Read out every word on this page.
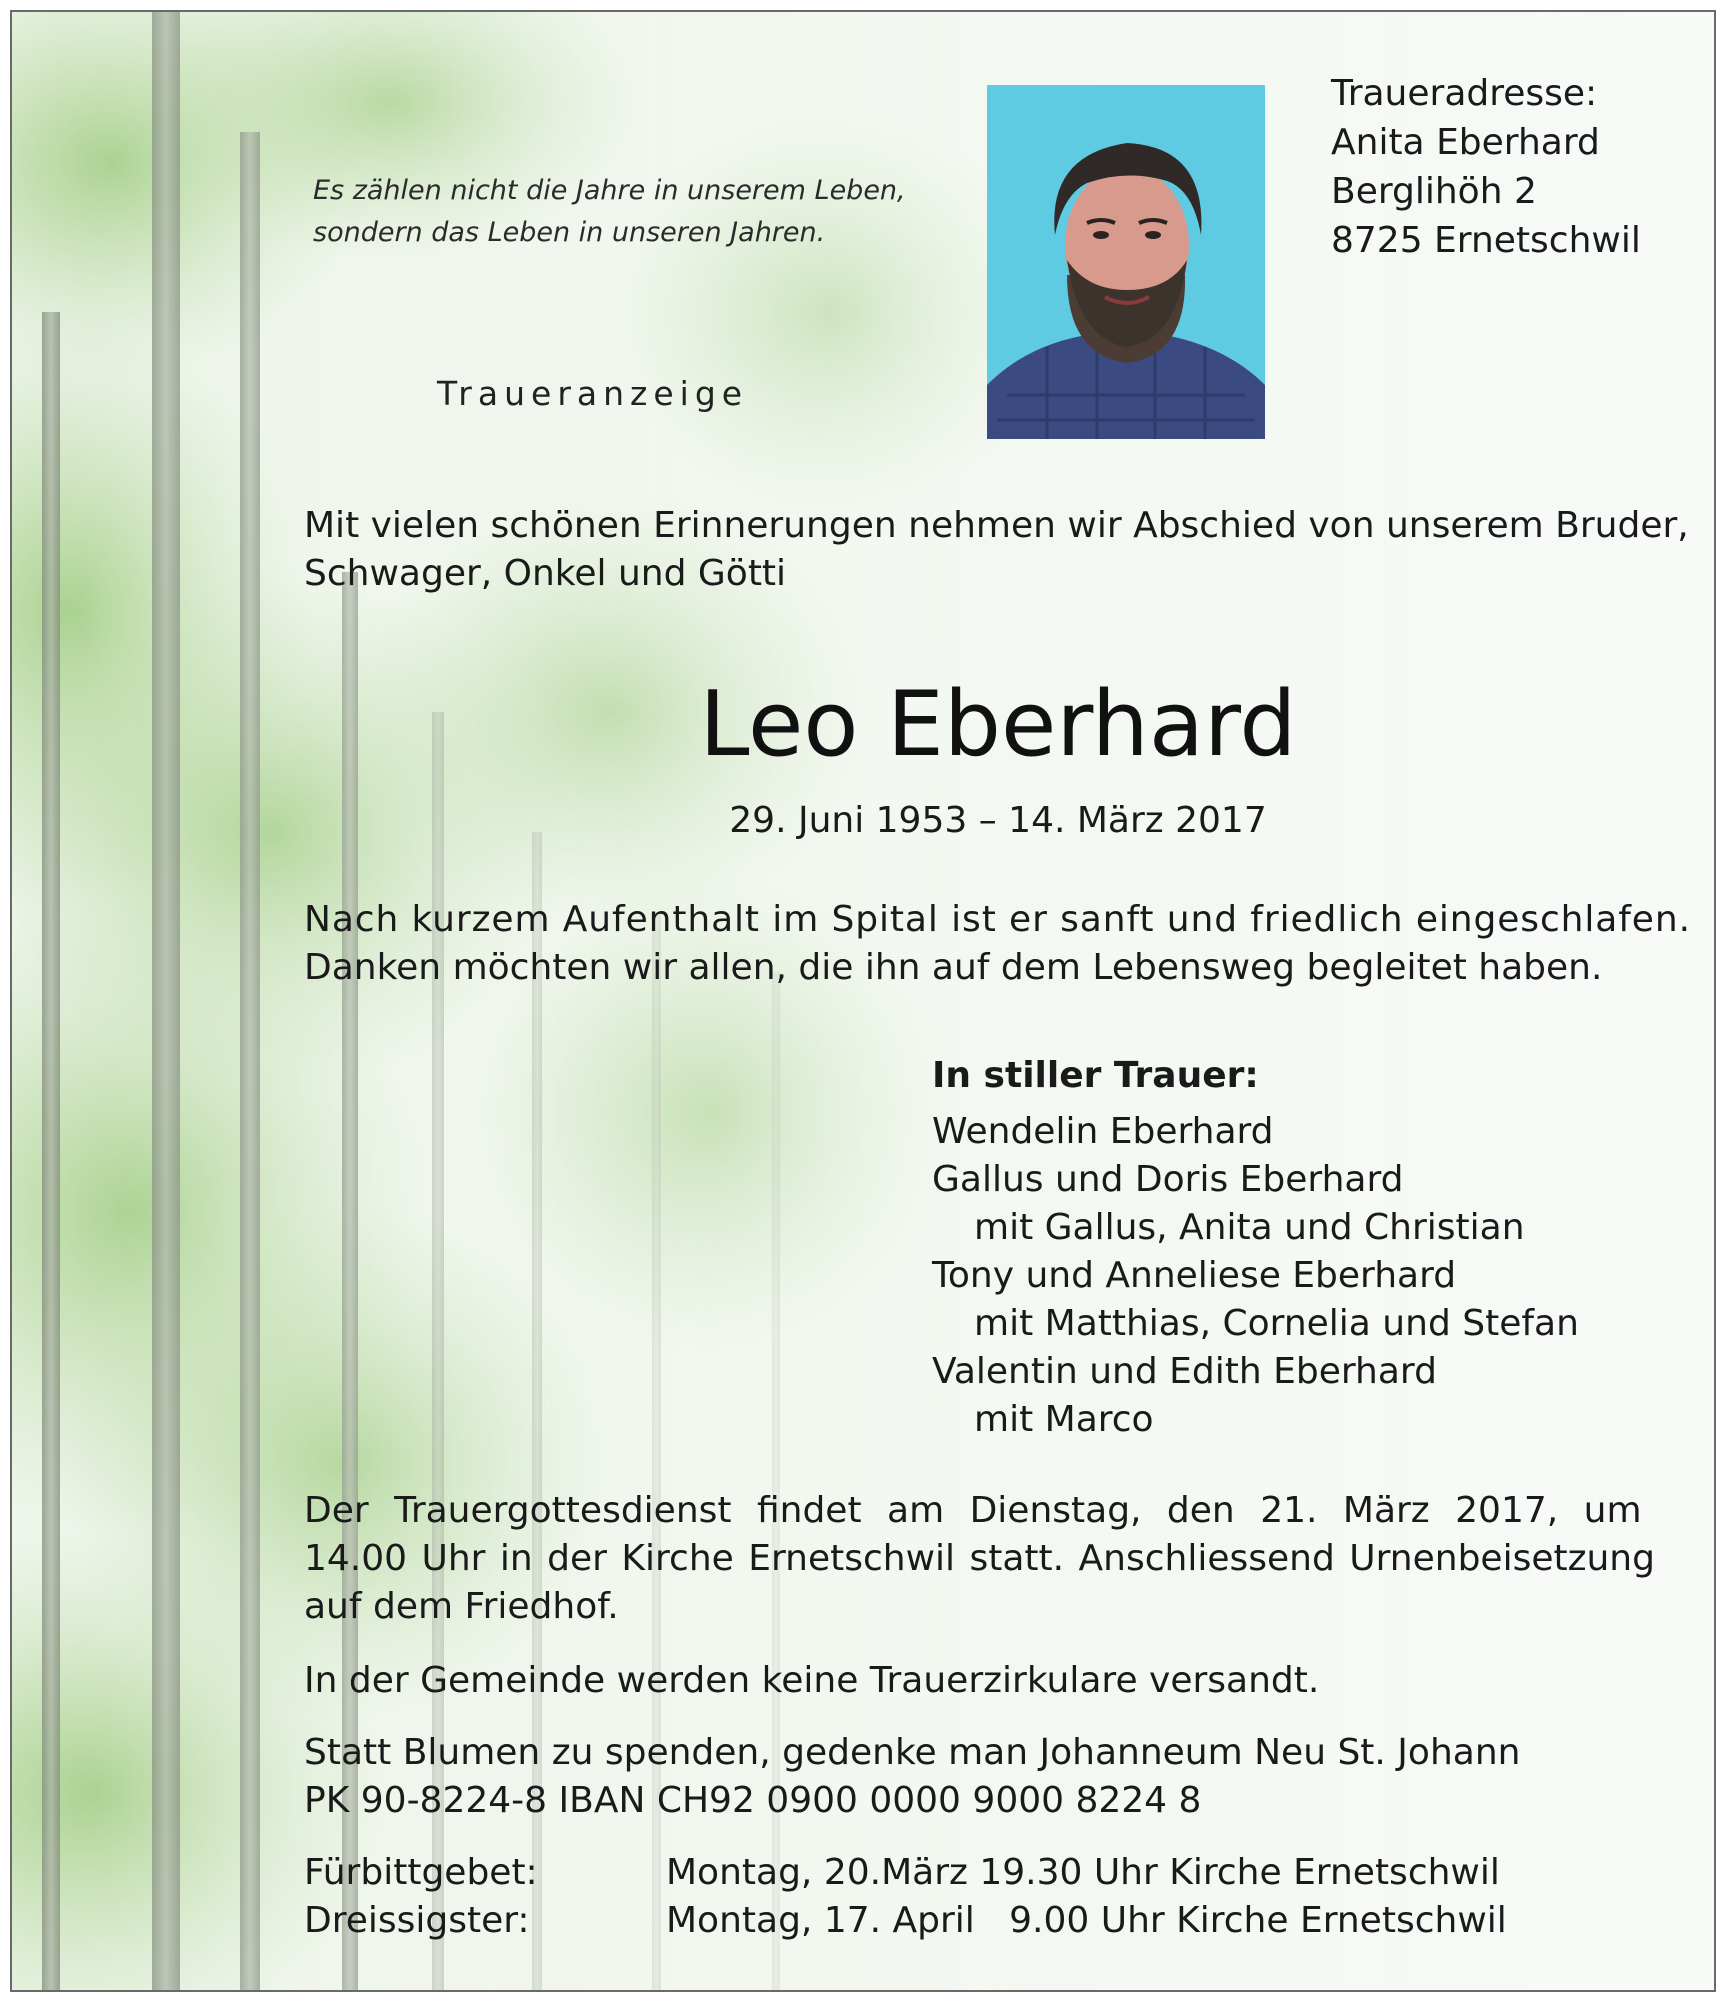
Es zählen nicht die Jahre in unserem Leben,
sondern das Leben in unseren Jahren.
Traueranzeige
Traueradresse:
Anita Eberhard
Berglihöh 2
8725 Ernetschwil
Mit vielen schönen Erinnerungen nehmen wir Abschied von unserem Bruder,
Schwager, Onkel und Götti
Leo Eberhard
29. Juni 1953 – 14. März 2017
Nach kurzem Aufenthalt im Spital ist er sanft und friedlich eingeschlafen.
Danken möchten wir allen, die ihn auf dem Lebensweg begleitet haben.
In stiller Trauer:
Wendelin Eberhard
Gallus und Doris Eberhard
mit Gallus, Anita und Christian
Tony und Anneliese Eberhard
mit Matthias, Cornelia und Stefan
Valentin und Edith Eberhard
mit Marco
Der Trauergottesdienst findet am Dienstag, den 21. März 2017, um
14.00 Uhr in der Kirche Ernetschwil statt. Anschliessend Urnenbeisetzung
auf dem Friedhof.
In der Gemeinde werden keine Trauerzirkulare versandt.
Statt Blumen zu spenden, gedenke man Johanneum Neu St. Johann
PK 90-8224-8 IBAN CH92 0900 0000 9000 8224 8
Fürbittgebet:	Montag, 20.März 19.30 Uhr Kirche Ernetschwil
Dreissigster:	Montag, 17. April   9.00 Uhr Kirche Ernetschwil
